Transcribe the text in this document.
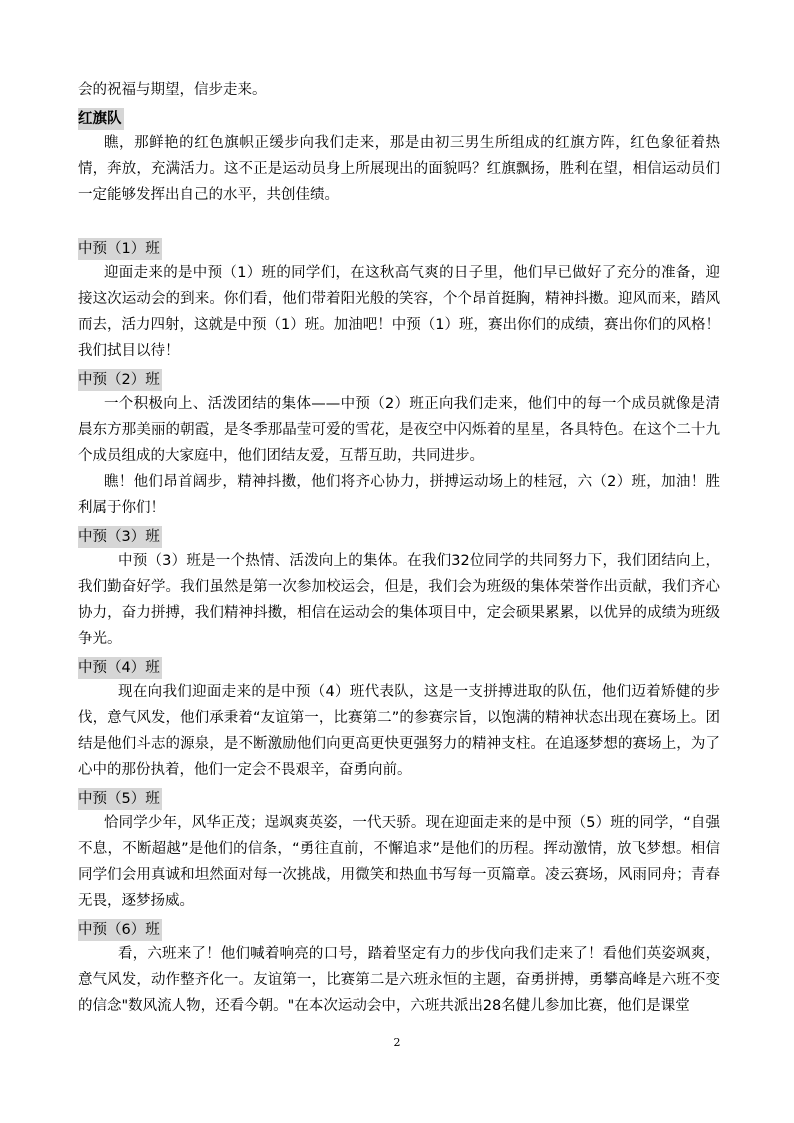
会的祝福与期望，信步走来。
红旗队

瞧，那鲜艳的红色旗帜正缓步向我们走来，那是由初三男生所组成的红旗方阵，红色象征着热情，奔放，充满活力。这不正是运动员身上所展现出的面貌吗？红旗飘扬，胜利在望，相信运动员们一定能够发挥出自己的水平，共创佳绩。

中预（1）班

迎面走来的是中预（1）班的同学们，在这秋高气爽的日子里，他们早已做好了充分的准备，迎接这次运动会的到来。你们看，他们带着阳光般的笑容，个个昂首挺胸，精神抖擞。迎风而来，踏风而去，活力四射，这就是中预（1）班。加油吧！中预（1）班，赛出你们的成绩，赛出你们的风格！我们拭目以待！

中预（2）班

一个积极向上、活泼团结的集体——中预（2）班正向我们走来，他们中的每一个成员就像是清晨东方那美丽的朝霞，是冬季那晶莹可爱的雪花，是夜空中闪烁着的星星，各具特色。在这个二十九个成员组成的大家庭中，他们团结友爱，互帮互助，共同进步。

瞧！他们昂首阔步，精神抖擞，他们将齐心协力，拼搏运动场上的桂冠，六（2）班，加油！胜利属于你们！

中预（3）班

中预（3）班是一个热情、活泼向上的集体。在我们32位同学的共同努力下，我们团结向上，我们勤奋好学。我们虽然是第一次参加校运会，但是，我们会为班级的集体荣誉作出贡献，我们齐心协力，奋力拼搏，我们精神抖擞，相信在运动会的集体项目中，定会硕果累累，以优异的成绩为班级争光。

中预（4）班

现在向我们迎面走来的是中预（4）班代表队，这是一支拼搏进取的队伍，他们迈着矫健的步伐，意气风发，他们承秉着“友谊第一，比赛第二”的参赛宗旨，以饱满的精神状态出现在赛场上。团结是他们斗志的源泉，是不断激励他们向更高更快更强努力的精神支柱。在追逐梦想的赛场上，为了心中的那份执着，他们一定会不畏艰辛，奋勇向前。

中预（5）班

恰同学少年，风华正茂；逞飒爽英姿，一代天骄。现在迎面走来的是中预（5）班的同学，“自强不息，不断超越”是他们的信条，“勇往直前，不懈追求”是他们的历程。挥动激情，放飞梦想。相信同学们会用真诚和坦然面对每一次挑战，用微笑和热血书写每一页篇章。凌云赛场，风雨同舟；青春无畏，逐梦扬威。

中预（6）班

看，六班来了！他们喊着响亮的口号，踏着坚定有力的步伐向我们走来了！看他们英姿飒爽，意气风发，动作整齐化一。友谊第一，比赛第二是六班永恒的主题，奋勇拼搏，勇攀高峰是六班不变的信念"数风流人物，还看今朝。"在本次运动会中，六班共派出28名健儿参加比赛，他们是课堂

2
